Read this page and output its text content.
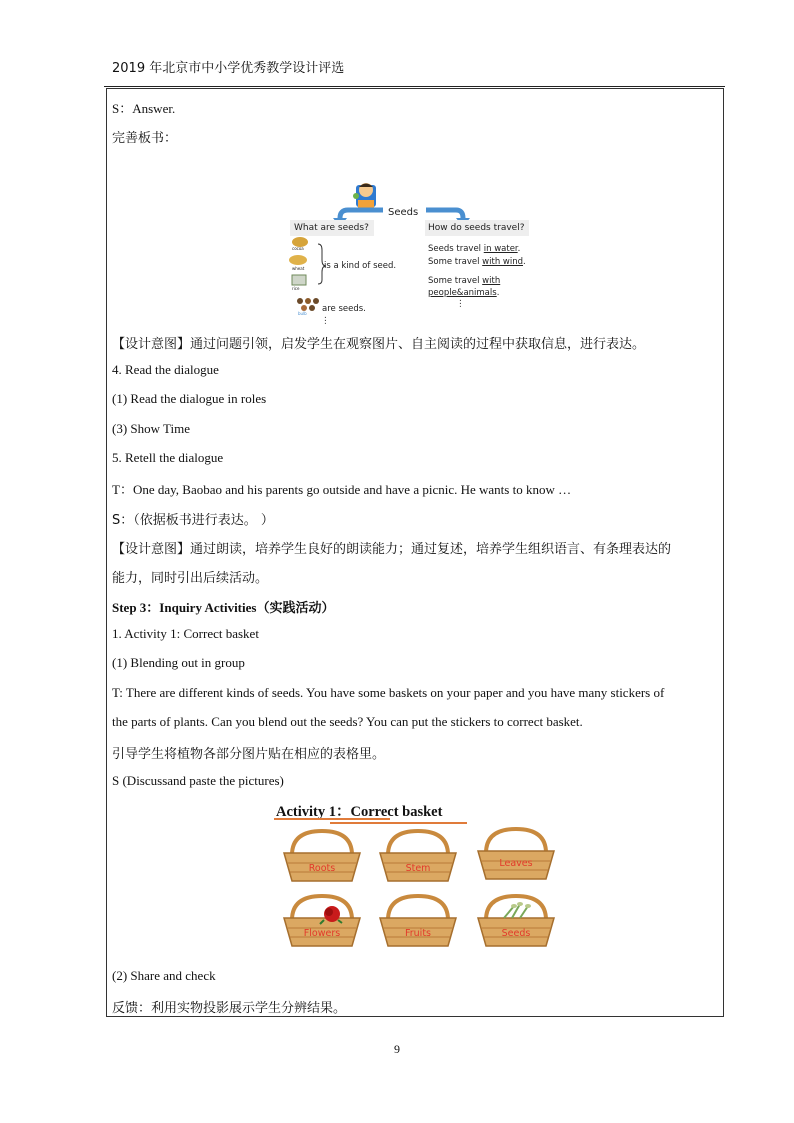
2019 年北京市中小学优秀教学设计评选
S：Answer.
完善板书：
Seeds
What are seeds?	How do seeds travel?
cocoa
wheat
rice
bulb
is a kind of seed.
are seeds.
⋮
Seeds travel in water.
Some travel with wind.
Some travel with
people&animals.
⋮
【设计意图】通过问题引领，启发学生在观察图片、自主阅读的过程中获取信息，进行表达。
4. Read the dialogue
(1) Read the dialogue in roles
(3) Show Time
5. Retell the dialogue
T：One day, Baobao and his parents go outside and have a picnic. He wants to know …
S：（依据板书进行表达。 ）
【设计意图】通过朗读，培养学生良好的朗读能力；通过复述，培养学生组织语言、有条理表达的
能力，同时引出后续活动。
Step 3：Inquiry Activities（实践活动）
1. Activity 1: Correct basket
(1) Blending out in group
T: There are different kinds of seeds. You have some baskets on your paper and you have many stickers of
the parts of plants. Can you blend out the seeds? You can put the stickers to correct basket.
引导学生将植物各部分图片贴在相应的表格里。
S (Discussand paste the pictures)
Activity 1：Correct basket
Roots	Stem	Leaves
Flowers	Fruits	Seeds
(2) Share and check
反馈：利用实物投影展示学生分辨结果。
9
